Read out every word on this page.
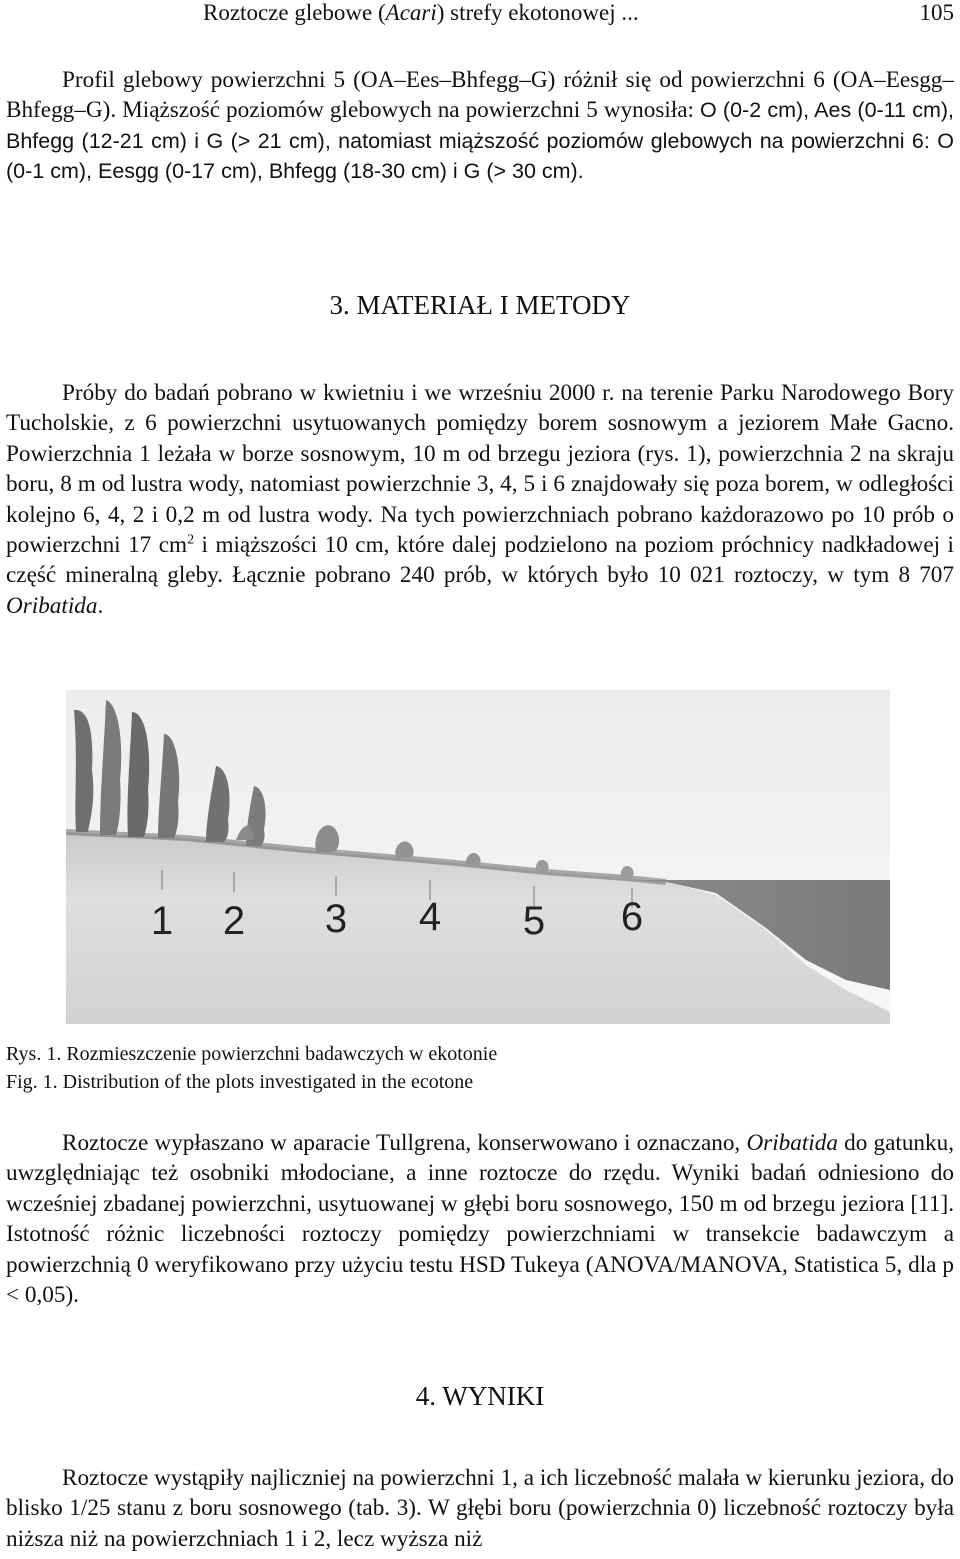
Roztocze glebowe (Acari) strefy ekotonowej ...	105

Profil glebowy powierzchni 5 (OA–Ees–Bhfegg–G) różnił się od powierzchni 6 (OA–Eesgg–Bhfegg–G). Miąższość poziomów glebowych na powierzchni 5 wynosiła: O (0-2 cm), Aes (0-11 cm), Bhfegg (12-21 cm) i G (> 21 cm), natomiast miąższość poziomów glebowych na powierzchni 6: O (0-1 cm), Eesgg (0-17 cm), Bhfegg (18-30 cm) i G (> 30 cm).

3. MATERIAŁ I METODY

Próby do badań pobrano w kwietniu i we wrześniu 2000 r. na terenie Parku Narodowego Bory Tucholskie, z 6 powierzchni usytuowanych pomiędzy borem sosnowym a jeziorem Małe Gacno. Powierzchnia 1 leżała w borze sosnowym, 10 m od brzegu jeziora (rys. 1), powierzchnia 2 na skraju boru, 8 m od lustra wody, natomiast powierzchnie 3, 4, 5 i 6 znajdowały się poza borem, w odległości kolejno 6, 4, 2 i 0,2 m od lustra wody. Na tych powierzchniach pobrano każdorazowo po 10 prób o powierzchni 17 $cm^2$ i miąższości 10 cm, które dalej podzielono na poziom próchnicy nadkładowej i część mineralną gleby. Łącznie pobrano 240 prób, w których było 10 021 roztoczy, w tym 8 707 Oribatida.

1 2 3 4 5 6
Rys. 1. Rozmieszczenie powierzchni badawczych w ekotonie
Fig. 1. Distribution of the plots investigated in the ecotone

Roztocze wypłaszano w aparacie Tullgrena, konserwowano i oznaczano, Oribatida do gatunku, uwzględniając też osobniki młodociane, a inne roztocze do rzędu. Wyniki badań odniesiono do wcześniej zbadanej powierzchni, usytuowanej w głębi boru sosnowego, 150 m od brzegu jeziora [11]. Istotność różnic liczebności roztoczy pomiędzy powierzchniami w transekcie badawczym a powierzchnią 0 weryfikowano przy użyciu testu HSD Tukeya (ANOVA/MANOVA, Statistica 5, dla p < 0,05).

4. WYNIKI

Roztocze wystąpiły najliczniej na powierzchni 1, a ich liczebność malała w kierunku jeziora, do blisko 1/25 stanu z boru sosnowego (tab. 3). W głębi boru (powierzchnia 0) liczebność roztoczy była niższa niż na powierzchniach 1 i 2, lecz wyższa niż
